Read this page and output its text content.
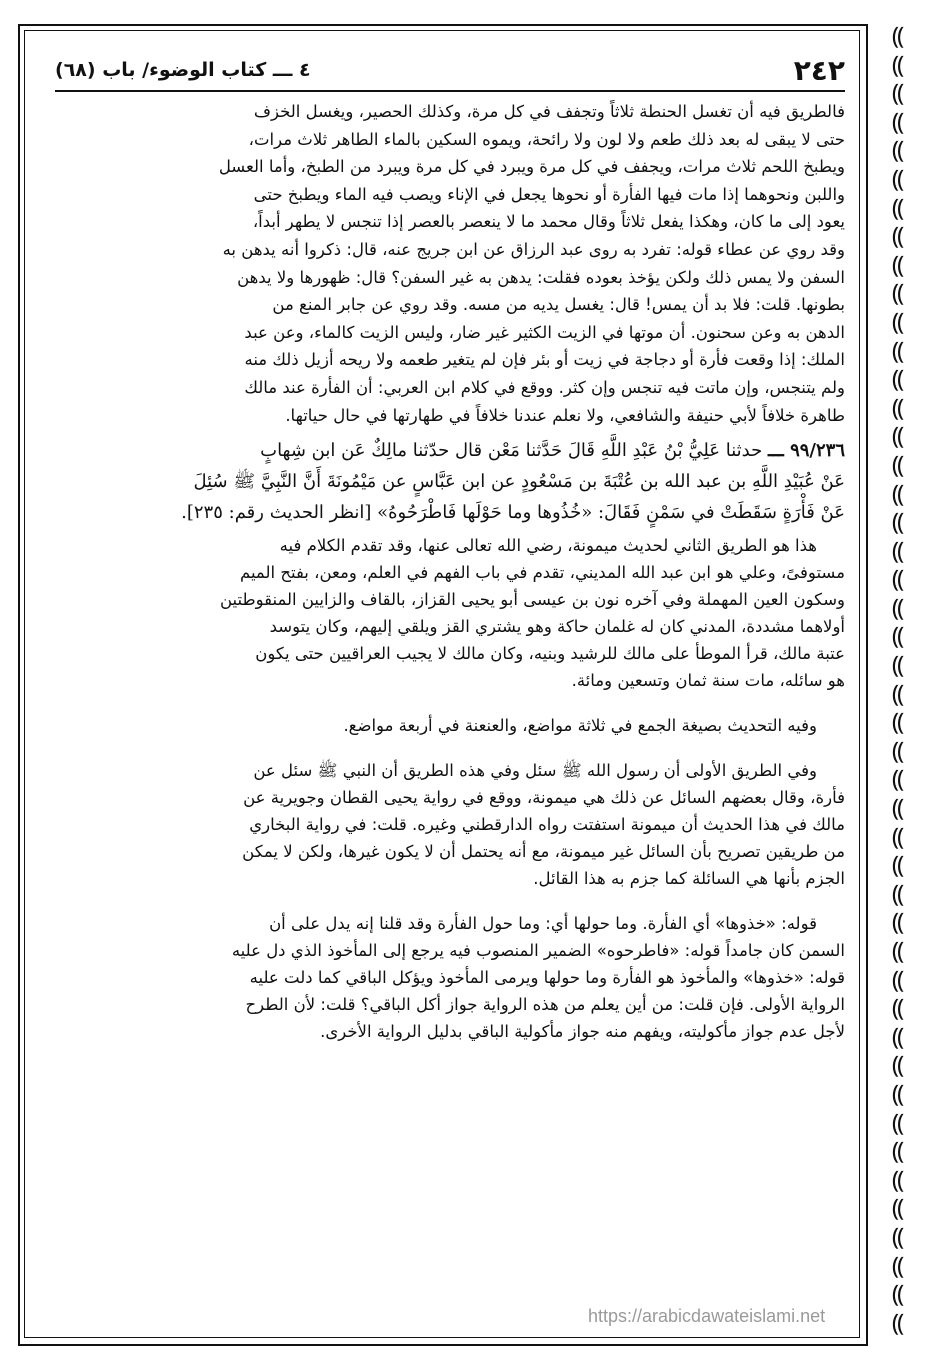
⸨
⸨
⸨
⸨
⸨
⸨
⸨
⸨
⸨
⸨
⸨
⸨
⸨
⸨
⸨
⸨
⸨
⸨
⸨
⸨
⸨
⸨
⸨
⸨
⸨
⸨
⸨
⸨
⸨
⸨
⸨
⸨
⸨
⸨
⸨
⸨
⸨
⸨
⸨
⸨
⸨
⸨
⸨
⸨
⸨
⸨
٢٤٢
٤ ـــ كتاب الوضوء/ باب (٦٨)

فالطريق فيه أن تغسل الحنطة ثلاثاً وتجفف في كل مرة، وكذلك الحصير، ويغسل الخزف

حتى لا يبقى له بعد ذلك طعم ولا لون ولا رائحة، ويموه السكين بالماء الطاهر ثلاث مرات،

ويطبخ اللحم ثلاث مرات، ويجفف في كل مرة ويبرد في كل مرة ويبرد من الطبخ، وأما العسل

واللبن ونحوهما إذا مات فيها الفأرة أو نحوها يجعل في الإناء ويصب فيه الماء ويطبخ حتى

يعود إلى ما كان، وهكذا يفعل ثلاثاً وقال محمد ما لا ينعصر بالعصر إذا تنجس لا يطهر أبداً،

وقد روي عن عطاء قوله: تفرد به روى عبد الرزاق عن ابن جريج عنه، قال: ذكروا أنه يدهن به

السفن ولا يمس ذلك ولكن يؤخذ بعوده فقلت: يدهن به غير السفن؟ قال: ظهورها ولا يدهن

بطونها. قلت: فلا بد أن يمس! قال: يغسل يديه من مسه. وقد روي عن جابر المنع من

الدهن به وعن سحنون. أن موتها في الزيت الكثير غير ضار، وليس الزيت كالماء، وعن عبد

الملك: إذا وقعت فأرة أو دجاجة في زيت أو بئر فإن لم يتغير طعمه ولا ريحه أزيل ذلك منه

ولم يتنجس، وإن ماتت فيه تنجس وإن كثر. ووقع في كلام ابن العربي: أن الفأرة عند مالك

طاهرة خلافاً لأبي حنيفة والشافعي، ولا نعلم عندنا خلافاً في طهارتها في حال حياتها.

٩٩/٢٣٦ ـــ حدثنا عَلِيُّ بْنُ عَبْدِ اللَّهِ قَالَ حَدَّثنا مَعْن قال حدّثنا مالِكٌ عَن ابن شِهابٍ

عَنْ عُبَيْدِ اللَّهِ بن عبد الله بن عُتْبَةَ بن مَسْعُودٍ عن ابن عَبَّاسٍ عن مَيْمُونَةَ أَنَّ النَّبِيَّ ﷺ سُئِلَ

عَنْ فَأْرَةٍ سَقَطَتْ في سَمْنٍ فَقَالَ: «خُذُوها وما حَوْلَها فَاطْرَحُوهُ» [انظر الحديث رقم: ٢٣٥].

هذا هو الطريق الثاني لحديث ميمونة، رضي الله تعالى عنها، وقد تقدم الكلام فيه

مستوفىً، وعلي هو ابن عبد الله المديني، تقدم في باب الفهم في العلم، ومعن، بفتح الميم

وسكون العين المهملة وفي آخره نون بن عيسى أبو يحيى القزاز، بالقاف والزايين المنقوطتين

أولاهما مشددة، المدني كان له غلمان حاكة وهو يشتري القز ويلقي إليهم، وكان يتوسد

عتبة مالك، قرأ الموطأ على مالك للرشيد وبنيه، وكان مالك لا يجيب العراقيين حتى يكون

هو سائله، مات سنة ثمان وتسعين ومائة.

وفيه التحديث بصيغة الجمع في ثلاثة مواضع، والعنعنة في أربعة مواضع.

وفي الطريق الأولى أن رسول الله ﷺ سئل وفي هذه الطريق أن النبي ﷺ سئل عن

فأرة، وقال بعضهم السائل عن ذلك هي ميمونة، ووقع في رواية يحيى القطان وجويرية عن

مالك في هذا الحديث أن ميمونة استفتت رواه الدارقطني وغيره. قلت: في رواية البخاري

من طريقين تصريح بأن السائل غير ميمونة، مع أنه يحتمل أن لا يكون غيرها، ولكن لا يمكن

الجزم بأنها هي السائلة كما جزم به هذا القائل.

قوله: «خذوها» أي الفأرة. وما حولها أي: وما حول الفأرة وقد قلنا إنه يدل على أن

السمن كان جامداً قوله: «فاطرحوه» الضمير المنصوب فيه يرجع إلى المأخوذ الذي دل عليه

قوله: «خذوها» والمأخوذ هو الفأرة وما حولها ويرمى المأخوذ ويؤكل الباقي كما دلت عليه

الرواية الأولى. فإن قلت: من أين يعلم من هذه الرواية جواز أكل الباقي؟ قلت: لأن الطرح

لأجل عدم جواز مأكوليته، ويفهم منه جواز مأكولية الباقي بدليل الرواية الأخرى.

https://arabicdawateislami.net
